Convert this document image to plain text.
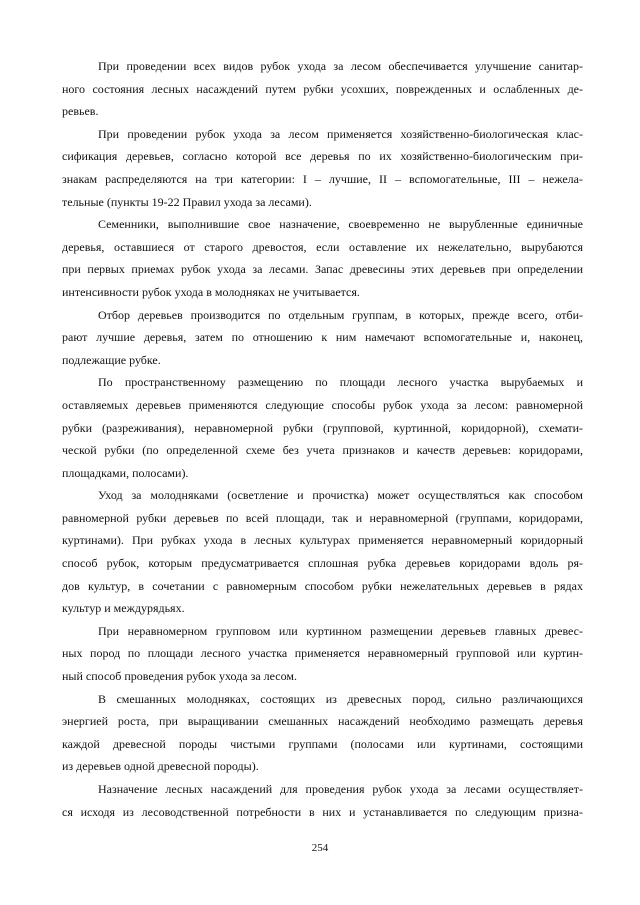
При проведении всех видов рубок ухода за лесом обеспечивается улучшение санитар-
ного состояния лесных насаждений путем рубки усохших, поврежденных и ослабленных де-
ревьев.
При проведении рубок ухода за лесом применяется хозяйственно-биологическая клас-
сификация деревьев, согласно которой все деревья по их хозяйственно-биологическим при-
знакам распределяются на три категории: I – лучшие, II – вспомогательные, III – нежела-
тельные (пункты 19-22 Правил ухода за лесами).
Семенники, выполнившие свое назначение, своевременно не вырубленные единичные
деревья, оставшиеся от старого древостоя, если оставление их нежелательно, вырубаются
при первых приемах рубок ухода за лесами. Запас древесины этих деревьев при определении
интенсивности рубок ухода в молодняках не учитывается.
Отбор деревьев производится по отдельным группам, в которых, прежде всего, отби-
рают лучшие деревья, затем по отношению к ним намечают вспомогательные и, наконец,
подлежащие рубке.
По пространственному размещению по площади лесного участка вырубаемых и
оставляемых деревьев применяются следующие способы рубок ухода за лесом: равномерной
рубки (разреживания), неравномерной рубки (групповой, куртинной, коридорной), схемати-
ческой рубки (по определенной схеме без учета признаков и качеств деревьев: коридорами,
площадками, полосами).
Уход за молодняками (осветление и прочистка) может осуществляться как способом
равномерной рубки деревьев по всей площади, так и неравномерной (группами, коридорами,
куртинами). При рубках ухода в лесных культурах применяется неравномерный коридорный
способ рубок, которым предусматривается сплошная рубка деревьев коридорами вдоль ря-
дов культур, в сочетании с равномерным способом рубки нежелательных деревьев в рядах
культур и междурядьях.
При неравномерном групповом или куртинном размещении деревьев главных древес-
ных пород по площади лесного участка применяется неравномерный групповой или куртин-
ный способ проведения рубок ухода за лесом.
В смешанных молодняках, состоящих из древесных пород, сильно различающихся
энергией роста, при выращивании смешанных насаждений необходимо размещать деревья
каждой древесной породы чистыми группами (полосами или куртинами, состоящими
из деревьев одной древесной породы).
Назначение лесных насаждений для проведения рубок ухода за лесами осуществляет-
ся исходя из лесоводственной потребности в них и устанавливается по следующим призна-
254
